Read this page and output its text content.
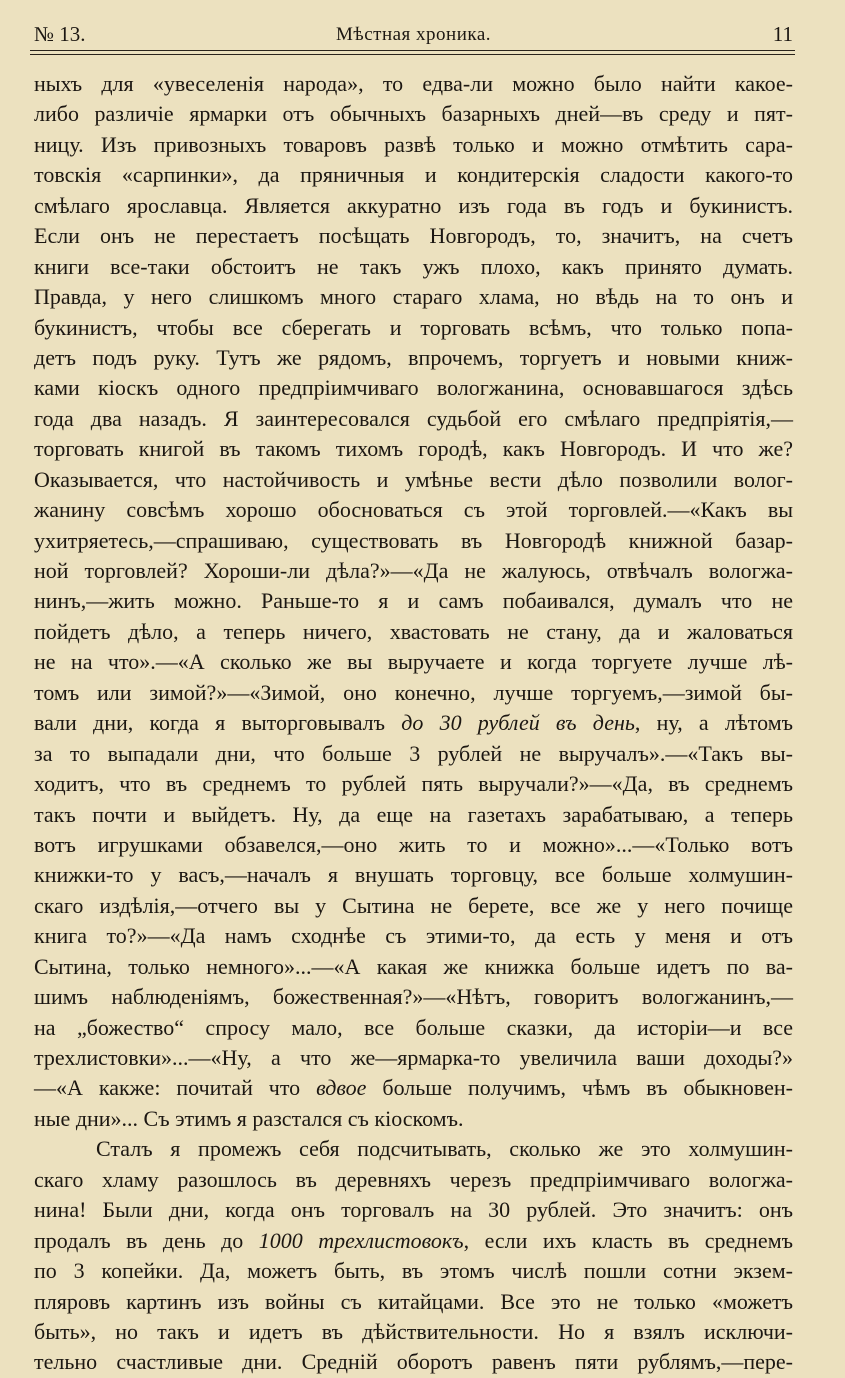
№ 13.	Мѣстная хроника.	11
ныхъ для «увеселенія народа», то едва-ли можно было найти какое-
либо различіе ярмарки отъ обычныхъ базарныхъ дней—въ среду и пят-
ницу. Изъ привозныхъ товаровъ развѣ только и можно отмѣтить сара-
товскія «сарпинки», да пряничныя и кондитерскія сладости какого-то
смѣлаго ярославца. Является аккуратно изъ года въ годъ и букинистъ.
Если онъ не перестаетъ посѣщать Новгородъ, то, значитъ, на счетъ
книги все-таки обстоитъ не такъ ужъ плохо, какъ принято думать.
Правда, у него слишкомъ много стараго хлама, но вѣдь на то онъ и
букинистъ, чтобы все сберегать и торговать всѣмъ, что только попа-
детъ подъ руку. Тутъ же рядомъ, впрочемъ, торгуетъ и новыми книж-
ками кіоскъ одного предпріимчиваго вологжанина, основавшагося здѣсь
года два назадъ. Я заинтересовался судьбой его смѣлаго предпріятія,—
торговать книгой въ такомъ тихомъ городѣ, какъ Новгородъ. И что же?
Оказывается, что настойчивость и умѣнье вести дѣло позволили волог-
жанину совсѣмъ хорошо обосноваться съ этой торговлей.—«Какъ вы
ухитряетесь,—спрашиваю, существовать въ Новгородѣ книжной базар-
ной торговлей? Хороши-ли дѣла?»—«Да не жалуюсь, отвѣчалъ вологжа-
нинъ,—жить можно. Раньше-то я и самъ побаивался, думалъ что не
пойдетъ дѣло, а теперь ничего, хвастовать не стану, да и жаловаться
не на что».—«А сколько же вы выручаете и когда торгуете лучше лѣ-
томъ или зимой?»—«Зимой, оно конечно, лучше торгуемъ,—зимой бы-
вали дни, когда я выторговывалъ до 30 рублей въ день, ну, а лѣтомъ
за то выпадали дни, что больше 3 рублей не выручалъ».—«Такъ вы-
ходитъ, что въ среднемъ то рублей пять выручали?»—«Да, въ среднемъ
такъ почти и выйдетъ. Ну, да еще на газетахъ зарабатываю, а теперь
вотъ игрушками обзавелся,—оно жить то и можно»...—«Только вотъ
книжки-то у васъ,—началъ я внушать торговцу, все больше холмушин-
скаго издѣлія,—отчего вы у Сытина не берете, все же у него почище
книга то?»—«Да намъ сходнѣе съ этими-то, да есть у меня и отъ
Сытина, только немного»...—«А какая же книжка больше идетъ по ва-
шимъ наблюденіямъ, божественная?»—«Нѣтъ, говоритъ вологжанинъ,—
на „божество“ спросу мало, все больше сказки, да исторіи—и все
трехлистовки»...—«Ну, а что же—ярмарка-то увеличила ваши доходы?»
—«А какже: почитай что вдвое больше получимъ, чѣмъ въ обыкновен-
ные дни»... Съ этимъ я разстался съ кіоскомъ.
Сталъ я промежъ себя подсчитывать, сколько же это холмушин-
скаго хламу разошлось въ деревняхъ черезъ предпріимчиваго вологжа-
нина! Были дни, когда онъ торговалъ на 30 рублей. Это значитъ: онъ
продалъ въ день до 1000 трехлистовокъ, если ихъ класть въ среднемъ
по 3 копейки. Да, можетъ быть, въ этомъ числѣ пошли сотни экзем-
пляровъ картинъ изъ войны съ китайцами. Все это не только «можетъ
быть», но такъ и идетъ въ дѣйствительности. Но я взялъ исключи-
тельно счастливые дни. Средній оборотъ равенъ пяти рублямъ,—пере-
